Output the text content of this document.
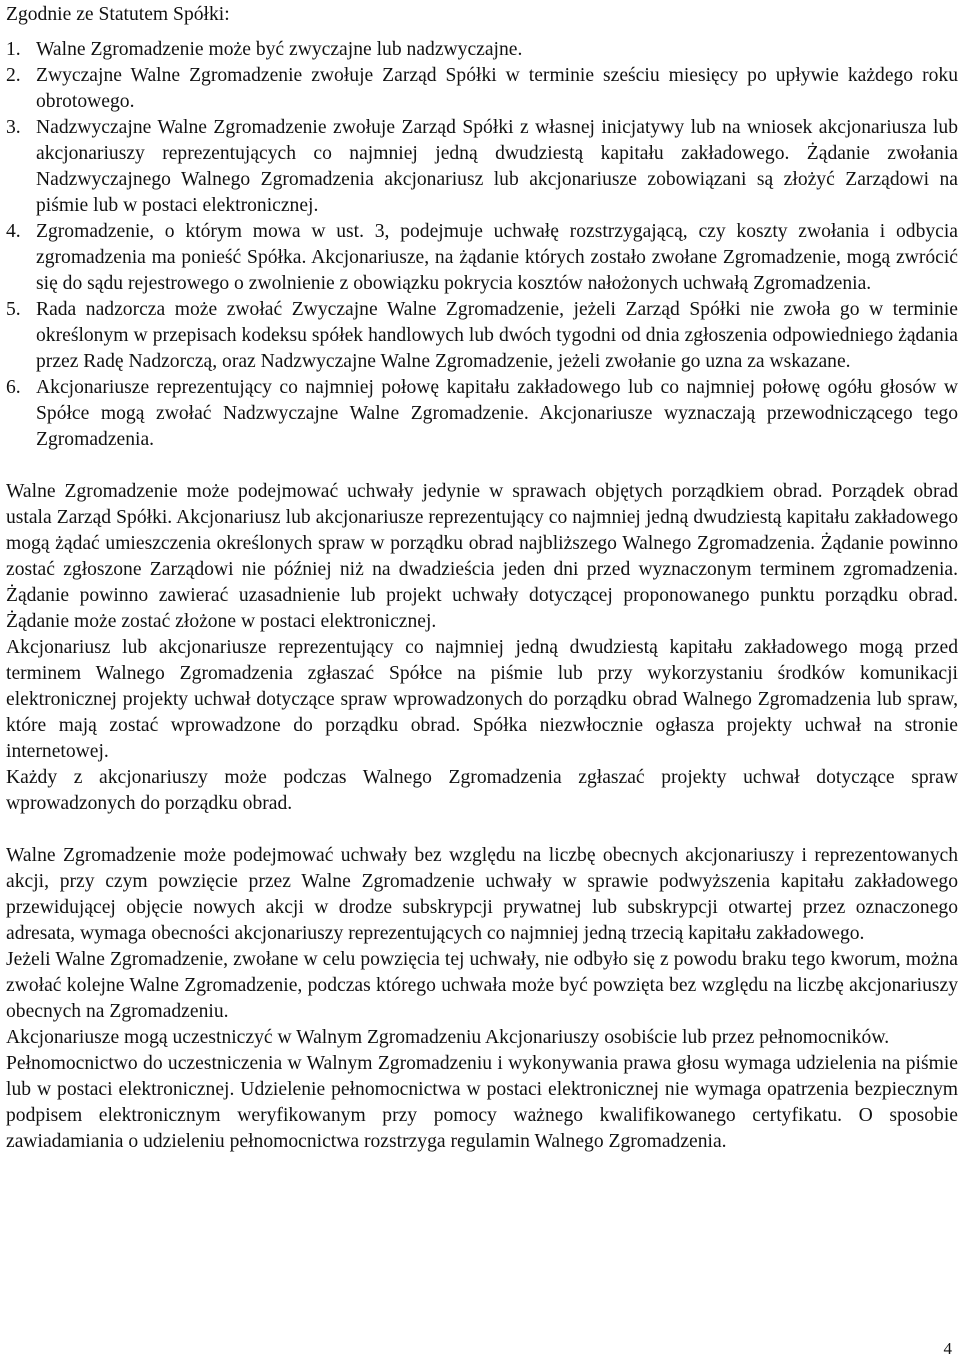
Zgodnie ze Statutem Spółki:

1. Walne Zgromadzenie może być zwyczajne lub nadzwyczajne.
2. Zwyczajne Walne Zgromadzenie zwołuje Zarząd Spółki w terminie sześciu miesięcy po upływie każdego roku obrotowego.
3. Nadzwyczajne Walne Zgromadzenie zwołuje Zarząd Spółki z własnej inicjatywy lub na wniosek akcjonariusza lub akcjonariuszy reprezentujących co najmniej jedną dwudziestą kapitału zakładowego. Żądanie zwołania Nadzwyczajnego Walnego Zgromadzenia akcjonariusz lub akcjonariusze zobowiązani są złożyć Zarządowi na piśmie lub w postaci elektronicznej.
4. Zgromadzenie, o którym mowa w ust. 3, podejmuje uchwałę rozstrzygającą, czy koszty zwołania i odbycia zgromadzenia ma ponieść Spółka. Akcjonariusze, na żądanie których zostało zwołane Zgromadzenie, mogą zwrócić się do sądu rejestrowego o zwolnienie z obowiązku pokrycia kosztów nałożonych uchwałą Zgromadzenia.
5. Rada nadzorcza może zwołać Zwyczajne Walne Zgromadzenie, jeżeli Zarząd Spółki nie zwoła go w terminie określonym w przepisach kodeksu spółek handlowych lub dwóch tygodni od dnia zgłoszenia odpowiedniego żądania przez Radę Nadzorczą, oraz Nadzwyczajne Walne Zgromadzenie, jeżeli zwołanie go uzna za wskazane.
6. Akcjonariusze reprezentujący co najmniej połowę kapitału zakładowego lub co najmniej połowę ogółu głosów w Spółce mogą zwołać Nadzwyczajne Walne Zgromadzenie. Akcjonariusze wyznaczają przewodniczącego tego Zgromadzenia.

Walne Zgromadzenie może podejmować uchwały jedynie w sprawach objętych porządkiem obrad. Porządek obrad ustala Zarząd Spółki. Akcjonariusz lub akcjonariusze reprezentujący co najmniej jedną dwudziestą kapitału zakładowego mogą żądać umieszczenia określonych spraw w porządku obrad najbliższego Walnego Zgromadzenia. Żądanie powinno zostać zgłoszone Zarządowi nie później niż na dwadzieścia jeden dni przed wyznaczonym terminem zgromadzenia. Żądanie powinno zawierać uzasadnienie lub projekt uchwały dotyczącej proponowanego punktu porządku obrad. Żądanie może zostać złożone w postaci elektronicznej.

Akcjonariusz lub akcjonariusze reprezentujący co najmniej jedną dwudziestą kapitału zakładowego mogą przed terminem Walnego Zgromadzenia zgłaszać Spółce na piśmie lub przy wykorzystaniu środków komunikacji elektronicznej projekty uchwał dotyczące spraw wprowadzonych do porządku obrad Walnego Zgromadzenia lub spraw, które mają zostać wprowadzone do porządku obrad. Spółka niezwłocznie ogłasza projekty uchwał na stronie internetowej.

Każdy z akcjonariuszy może podczas Walnego Zgromadzenia zgłaszać projekty uchwał dotyczące spraw wprowadzonych do porządku obrad.

Walne Zgromadzenie może podejmować uchwały bez względu na liczbę obecnych akcjonariuszy i reprezentowanych akcji, przy czym powzięcie przez Walne Zgromadzenie uchwały w sprawie podwyższenia kapitału zakładowego przewidującej objęcie nowych akcji w drodze subskrypcji prywatnej lub subskrypcji otwartej przez oznaczonego adresata, wymaga obecności akcjonariuszy reprezentujących co najmniej jedną trzecią kapitału zakładowego.

Jeżeli Walne Zgromadzenie, zwołane w celu powzięcia tej uchwały, nie odbyło się z powodu braku tego kworum, można zwołać kolejne Walne Zgromadzenie, podczas którego uchwała może być powzięta bez względu na liczbę akcjonariuszy obecnych na Zgromadzeniu.

Akcjonariusze mogą uczestniczyć w Walnym Zgromadzeniu Akcjonariuszy osobiście lub przez pełnomocników.

Pełnomocnictwo do uczestniczenia w Walnym Zgromadzeniu i wykonywania prawa głosu wymaga udzielenia na piśmie lub w postaci elektronicznej. Udzielenie pełnomocnictwa w postaci elektronicznej nie wymaga opatrzenia bezpiecznym podpisem elektronicznym weryfikowanym przy pomocy ważnego kwalifikowanego certyfikatu. O sposobie zawiadamiania o udzieleniu pełnomocnictwa rozstrzyga regulamin Walnego Zgromadzenia.

4
